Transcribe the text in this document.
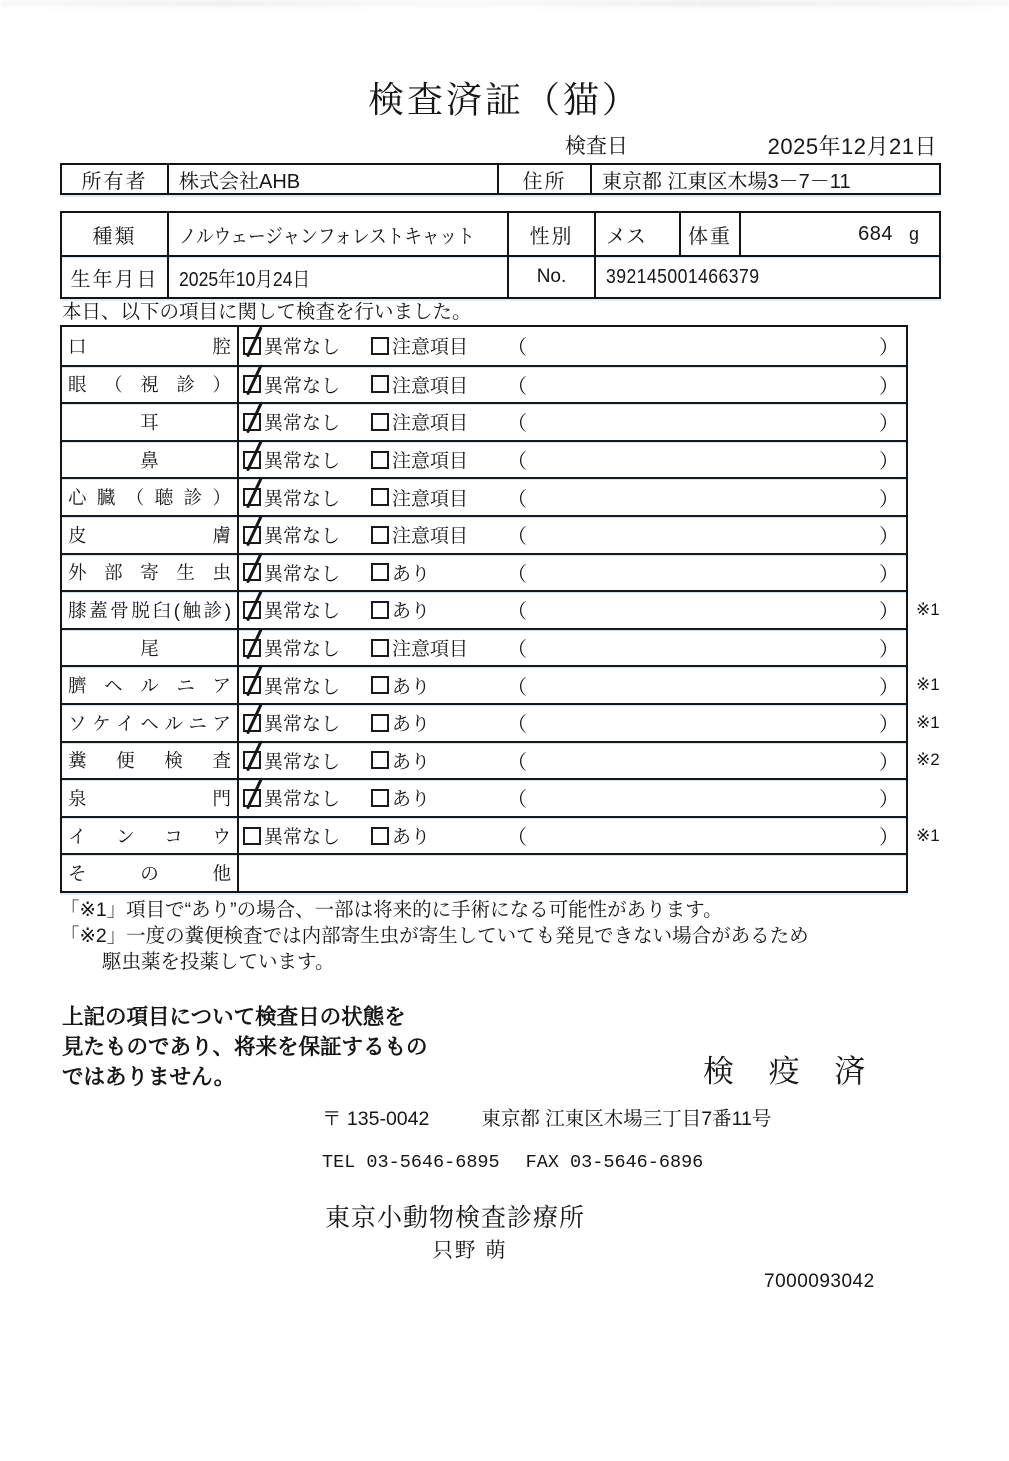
検査済証（猫）
検査日	2025年12月21日
所有者	株式会社AHB	住所	東京都 江東区木場3－7－11
種類	ノルウェージャンフォレストキャット	性別	メス	体重	684 g
生年月日	2025年10月24日	No.	392145001466379
本日、以下の項目に関して検査を行いました。
口 腔 異常なし	注意項目 （	）
眼 （ 視 診 ） 異常なし	注意項目 （	）
耳	異常なし	注意項目 （	）
鼻	異常なし	注意項目 （	）
心 臓 （ 聴 診 ） 異常なし	注意項目 （	）
皮 膚 異常なし	注意項目 （	）
外 部 寄 生 虫 異常なし	あり	（	）
膝蓋骨脱臼(触診) 異常なし	あり	（	） ※1
尾	異常なし	注意項目 （	）
臍 ヘ ル ニ ア 異常なし	あり	（	） ※1
ソ ケ イ ヘ ル ニ ア 異常なし	あり	（	） ※1
糞 便 検 査 異常なし	あり	（	） ※2
泉 門 異常なし	あり	（	）
イ ン コ ウ 異常なし	あり	（	） ※1
そ の 他
「※1」項目で“あり”の場合、一部は将来的に手術になる可能性があります。
「※2」一度の糞便検査では内部寄生虫が寄生していても発見できない場合があるため
駆虫薬を投薬しています。
上記の項目について検査日の状態を
見たものであり、将来を保証するもの
ではありません。	検 疫 済
〒 135-0042	東京都 江東区木場三丁目7番11号
TEL 03-5646-6895 FAX 03-5646-6896
東京小動物検査診療所
只野 萌
7000093042
